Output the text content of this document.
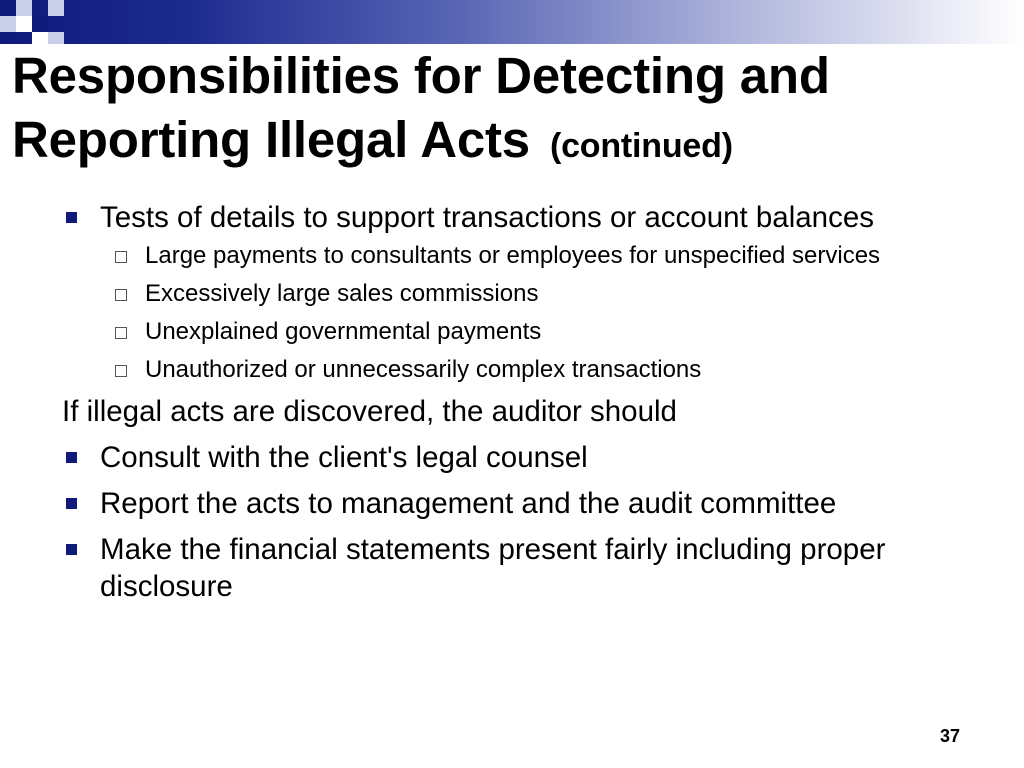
Responsibilities for Detecting and Reporting Illegal Acts (continued)
Tests of details to support transactions or account balances
Large payments to consultants or employees for unspecified services
Excessively large sales commissions
Unexplained governmental payments
Unauthorized or unnecessarily complex transactions
If illegal acts are discovered, the auditor should
Consult with the client's legal counsel
Report the acts to management and the audit committee
Make the financial statements present fairly including proper disclosure
37
